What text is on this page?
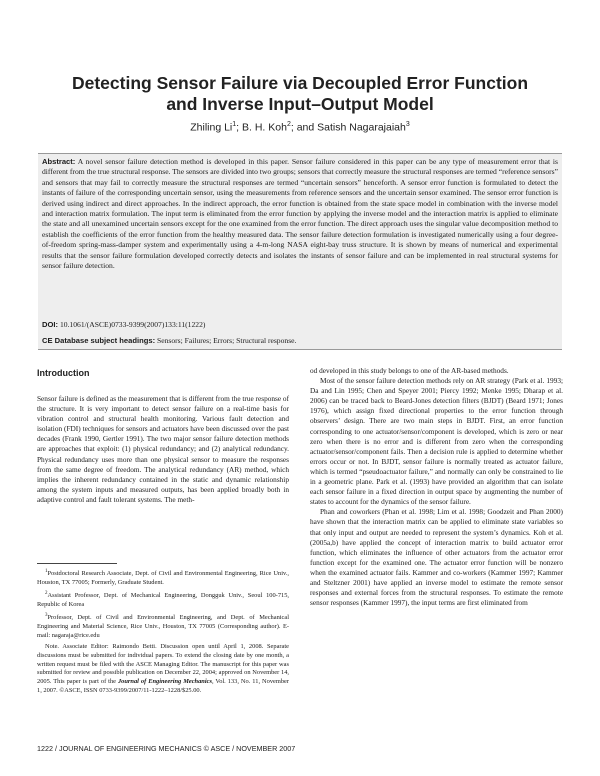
Detecting Sensor Failure via Decoupled Error Function
and Inverse Input–Output Model
Zhiling Li$^1$; B. H. Koh$^2$; and Satish Nagarajaiah$^3$
Abstract: A novel sensor failure detection method is developed in this paper. Sensor failure considered in this paper can be any type of measurement error that is different from the true structural response. The sensors are divided into two groups; sensors that correctly measure the structural responses are termed “reference sensors” and sensors that may fail to correctly measure the structural responses are termed “uncertain sensors” henceforth. A sensor error function is formulated to detect the instants of failure of the corresponding uncertain sensor, using the measurements from reference sensors and the uncertain sensor examined. The sensor error function is derived using indirect and direct approaches. In the indirect approach, the error function is obtained from the state space model in combination with the inverse model and interaction matrix formulation. The input term is eliminated from the error function by applying the inverse model and the interaction matrix is applied to eliminate the state and all unexamined uncertain sensors except for the one examined from the error function. The direct approach uses the singular value decomposition method to establish the coefficients of the error function from the healthy measured data. The sensor failure detection formulation is investigated numerically using a four degree-of-freedom spring-mass-damper system and experimentally using a 4-m-long NASA eight-bay truss structure. It is shown by means of numerical and experimental results that the sensor failure formulation developed correctly detects and isolates the instants of sensor failure and can be implemented in real structural systems for sensor failure detection.
DOI: 10.1061/(ASCE)0733-9399(2007)133:11(1222)
CE Database subject headings: Sensors; Failures; Errors; Structural response.
Introduction

Sensor failure is defined as the measurement that is different from the true response of the structure. It is very important to detect sensor failure on a real-time basis for vibration control and structural health monitoring. Various fault detection and isolation (FDI) techniques for sensors and actuators have been discussed over the past decades (Frank 1990, Gertler 1991). The two major sensor failure detection methods are approaches that exploit: (1) physical redundancy; and (2) analytical redundancy. Physical redundancy uses more than one physical sensor to measure the responses from the same degree of freedom. The analytical redundancy (AR) method, which implies the inherent redundancy contained in the static and dynamic relationship among the system inputs and measured outputs, has been applied broadly both in adaptive control and fault tolerant systems. The meth-

$^1$Postdoctoral Research Associate, Dept. of Civil and Environmental Engineering, Rice Univ., Houston, TX 77005; Formerly, Graduate Student.

$^2$Assistant Professor, Dept. of Mechanical Engineering, Dongguk Univ., Seoul 100-715, Republic of Korea

$^3$Professor, Dept. of Civil and Environmental Engineering, and Dept. of Mechanical Engineering and Material Science, Rice Univ., Houston, TX 77005 (Corresponding author). E-mail: nagaraja@rice.edu

Note. Associate Editor: Raimondo Betti. Discussion open until April 1, 2008. Separate discussions must be submitted for individual papers. To extend the closing date by one month, a written request must be filed with the ASCE Managing Editor. The manuscript for this paper was submitted for review and possible publication on December 22, 2004; approved on November 14, 2005. This paper is part of the Journal of Engineering Mechanics, Vol. 133, No. 11, November 1, 2007. ©ASCE, ISSN 0733-9399/2007/11-1222–1228/$25.00.

od developed in this study belongs to one of the AR-based methods.

Most of the sensor failure detection methods rely on AR strategy (Park et al. 1993; Da and Lin 1995; Chen and Speyer 2001; Piercy 1992; Menke 1995; Dharap et al. 2006) can be traced back to Beard-Jones detection filters (BJDT) (Beard 1971; Jones 1976), which assign fixed directional properties to the error function through observers’ design. There are two main steps in BJDT. First, an error function corresponding to one actuator/sensor/component is developed, which is zero or near zero when there is no error and is different from zero when the corresponding actuator/sensor/component fails. Then a decision rule is applied to determine whether errors occur or not. In BJDT, sensor failure is normally treated as actuator failure, which is termed “pseudoactuator failure,” and normally can only be constrained to lie in a geometric plane. Park et al. (1993) have provided an algorithm that can isolate each sensor failure in a fixed direction in output space by augmenting the number of states to account for the dynamics of the sensor failure.

Phan and coworkers (Phan et al. 1998; Lim et al. 1998; Goodzeit and Phan 2000) have shown that the interaction matrix can be applied to eliminate state variables so that only input and output are needed to represent the system’s dynamics. Koh et al. (2005a,b) have applied the concept of interaction matrix to build actuator error function, which eliminates the influence of other actuators from the actuator error function except for the examined one. The actuator error function will be nonzero when the examined actuator fails. Kammer and co-workers (Kammer 1997; Kammer and Steltzner 2001) have applied an inverse model to estimate the remote sensor responses and external forces from the structural responses. To estimate the remote sensor responses (Kammer 1997), the input terms are first eliminated from

1222 / JOURNAL OF ENGINEERING MECHANICS © ASCE / NOVEMBER 2007
